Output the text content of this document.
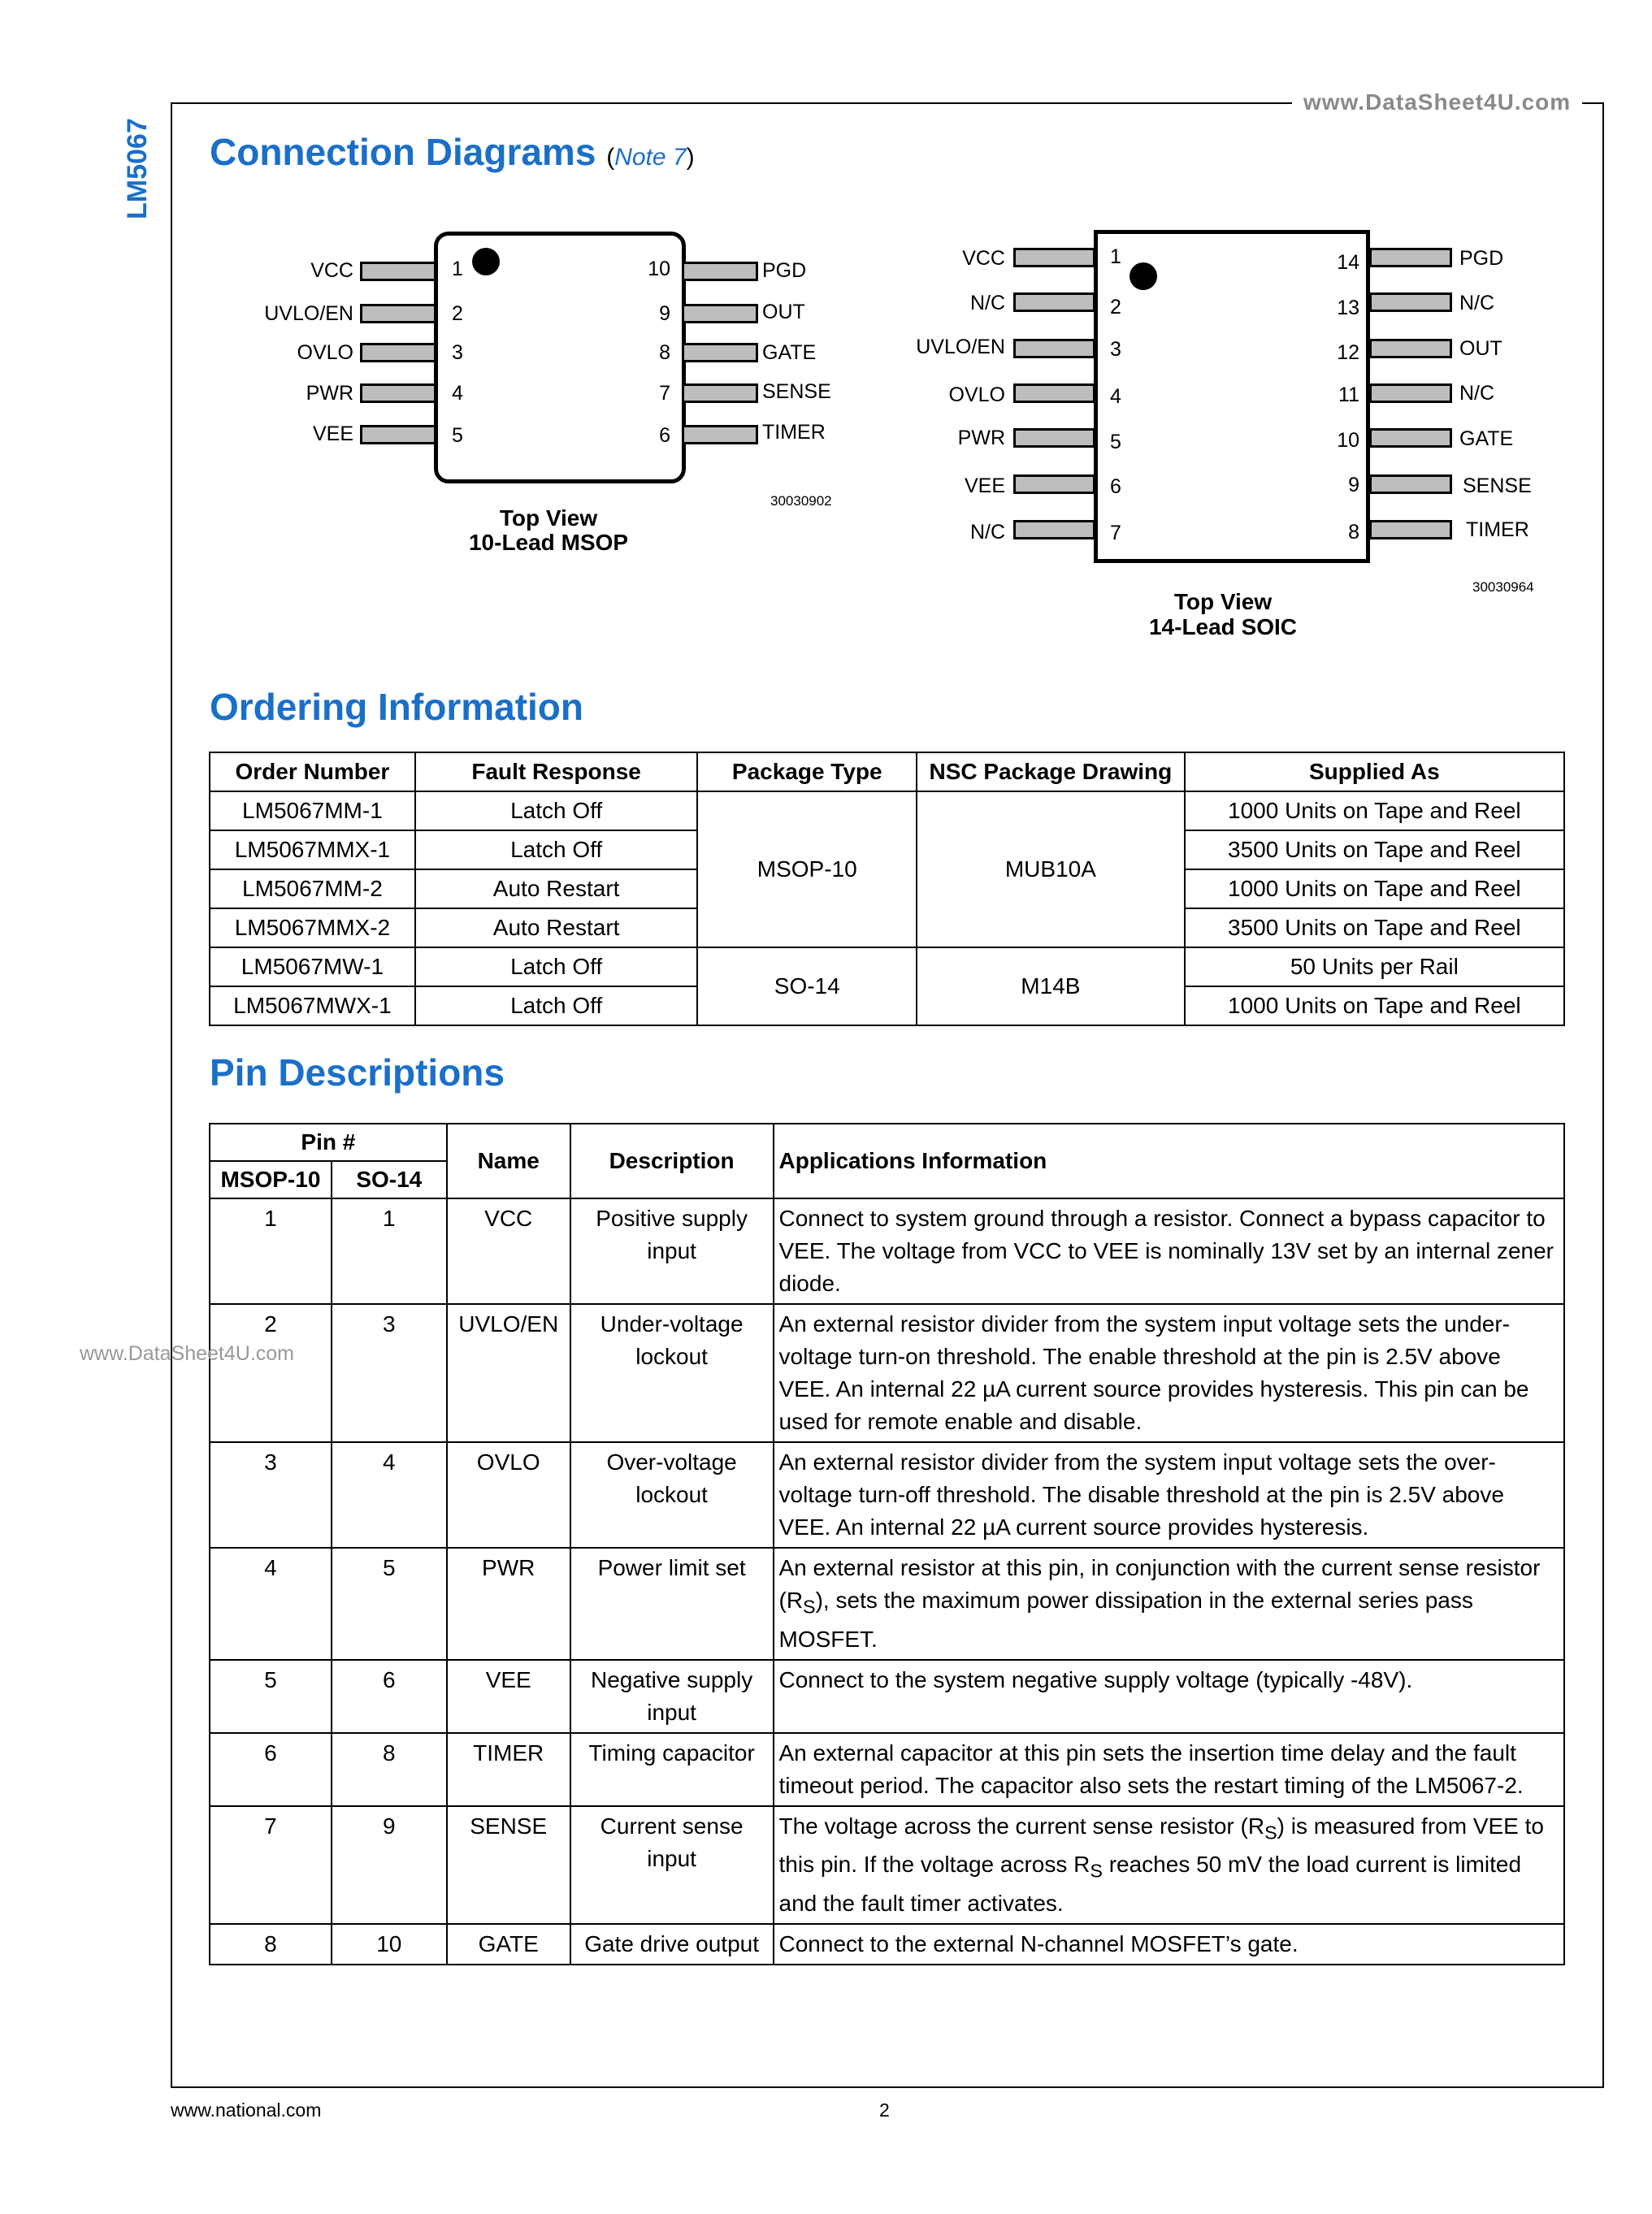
www.DataSheet4U.com
LM5067 Connection Diagrams (Note 7)
VCC
UVLO/EN
OVLO
PWR
VEE
1
2
3
4
5
10
9
8
7
6
PGD
OUT
GATE
SENSE
TIMER
30030902
Top View
10-Lead MSOP
VCC
N/C
UVLO/EN
OVLO
PWR
VEE
N/C
1
2
3
4
5
6
7
14
13
12
11
10
9
8
PGD
N/C
OUT
N/C
GATE
SENSE
TIMER
30030964
Top View
14-Lead SOIC
Ordering Information
Order Number	Fault Response	Package Type	NSC Package Drawing	Supplied As
LM5067MM-1	Latch Off	MSOP-10	MUB10A	1000 Units on Tape and Reel
LM5067MMX-1	Latch Off			3500 Units on Tape and Reel
LM5067MM-2	Auto Restart			1000 Units on Tape and Reel
LM5067MMX-2	Auto Restart			3500 Units on Tape and Reel
LM5067MW-1	Latch Off	SO-14	M14B	50 Units per Rail
LM5067MWX-1	Latch Off			1000 Units on Tape and Reel
Pin Descriptions
Pin #		Name	Description	Applications Information
MSOP-10	SO-14			
1	1	VCC	Positive supply input	Connect to system ground through a resistor. Connect a bypass capacitor to VEE. The voltage from VCC to VEE is nominally 13V set by an internal zener diode.
2	3	UVLO/EN	Under-voltage lockout	An external resistor divider from the system input voltage sets the under-voltage turn-on threshold. The enable threshold at the pin is 2.5V above VEE. An internal 22 µA current source provides hysteresis. This pin can be used for remote enable and disable.
3	4	OVLO	Over-voltage lockout	An external resistor divider from the system input voltage sets the over-voltage turn-off threshold. The disable threshold at the pin is 2.5V above VEE. An internal 22 µA current source provides hysteresis.
4	5	PWR	Power limit set	An external resistor at this pin, in conjunction with the current sense resistor $(R_S)$, sets the maximum power dissipation in the external series pass MOSFET.
5	6	VEE	Negative supply input	Connect to the system negative supply voltage (typically -48V).
6	8	TIMER	Timing capacitor	An external capacitor at this pin sets the insertion time delay and the fault timeout period. The capacitor also sets the restart timing of the LM5067-2.
7	9	SENSE	Current sense input	The voltage across the current sense resistor $(R_S)$ is measured from VEE to this pin. If the voltage across $R_S$ reaches 50 mV the load current is limited and the fault timer activates.
8	10	GATE	Gate drive output	Connect to the external N-channel MOSFET’s gate.
www.DataSheet4U.com
www.national.com	2
